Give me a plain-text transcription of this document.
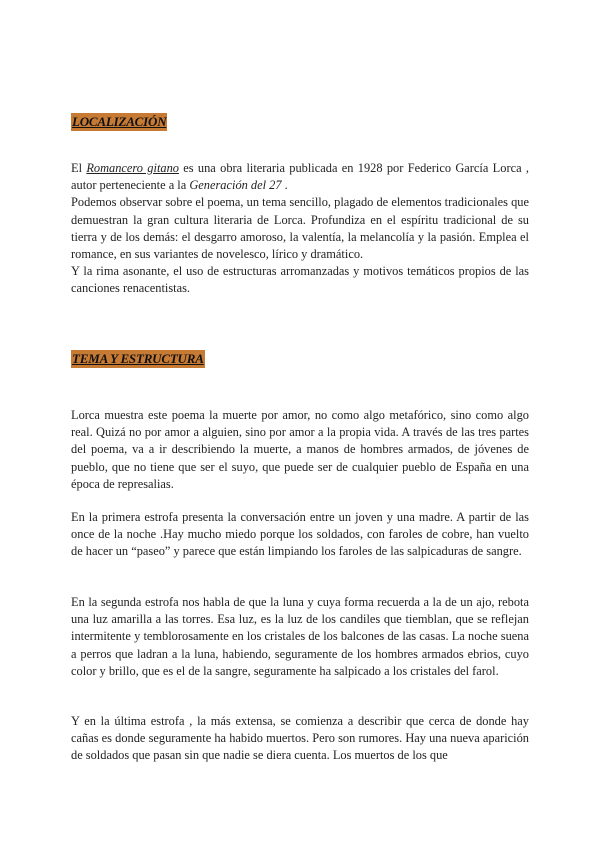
LOCALIZACIÓN
El Romancero gitano es una obra literaria publicada en 1928 por Federico García Lorca , autor perteneciente a la Generación del 27 .
Podemos observar sobre el poema, un tema sencillo, plagado de elementos tradicionales que demuestran la gran cultura literaria de Lorca. Profundiza en el espíritu tradicional de su tierra y de los demás: el desgarro amoroso, la valentía, la melancolía y la pasión. Emplea el romance, en sus variantes de novelesco, lírico y dramático.
Y la rima asonante, el uso de estructuras arromanzadas y motivos temáticos propios de las canciones renacentistas.
TEMA Y ESTRUCTURA

Lorca muestra este poema la muerte por amor, no como algo metafórico, sino como algo real. Quizá no por amor a alguien, sino por amor a la propia vida. A través de las tres partes del poema, va a ir describiendo la muerte, a manos de hombres armados, de jóvenes de pueblo, que no tiene que ser el suyo, que puede ser de cualquier pueblo de España en una época de represalias.

En la primera estrofa presenta la conversación entre un joven y una madre. A partir de las once de la noche .Hay mucho miedo porque los soldados, con faroles de cobre, han vuelto de hacer un “paseo” y parece que están limpiando los faroles de las salpicaduras de sangre.

En la segunda estrofa nos habla de que la luna y cuya forma recuerda a la de un ajo, rebota una luz amarilla a las torres. Esa luz, es la luz de los candiles que tiemblan, que se reflejan intermitente y temblorosamente en los cristales de los balcones de las casas. La noche suena a perros que ladran a la luna, habiendo, seguramente de los hombres armados ebrios, cuyo color y brillo, que es el de la sangre, seguramente ha salpicado a los cristales del farol.

Y en la última estrofa , la más extensa, se comienza a describir que cerca de donde hay cañas es donde seguramente ha habido muertos. Pero son rumores. Hay una nueva aparición de soldados que pasan sin que nadie se diera cuenta. Los muertos de los que
